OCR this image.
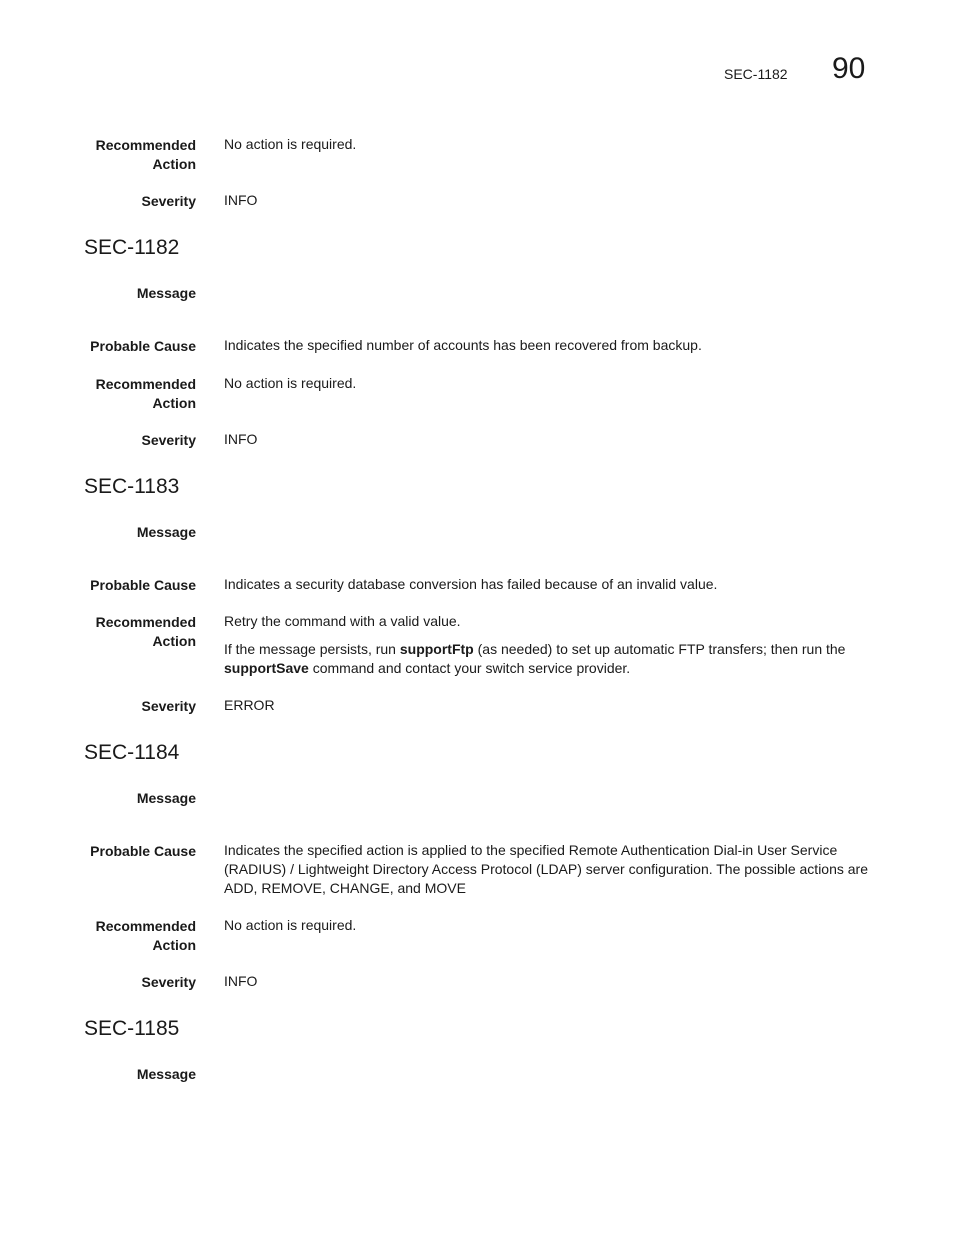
SEC-1182 90
Recommended
Action
No action is required.
Severity INFO
SEC-1182
Message
Probable Cause Indicates the specified number of accounts has been recovered from backup.
Recommended
Action
No action is required.
Severity INFO
SEC-1183
Message
Probable Cause Indicates a security database conversion has failed because of an invalid value.
Recommended
Action

Retry the command with a valid value.

If the message persists, run supportFtp (as needed) to set up automatic FTP transfers; then run the supportSave command and contact your switch service provider.

Severity ERROR
SEC-1184
Message
Probable Cause Indicates the specified action is applied to the specified Remote Authentication Dial-in User Service (RADIUS) / Lightweight Directory Access Protocol (LDAP) server configuration. The possible actions are ADD, REMOVE, CHANGE, and MOVE
Recommended
Action
No action is required.
Severity INFO
SEC-1185
Message
